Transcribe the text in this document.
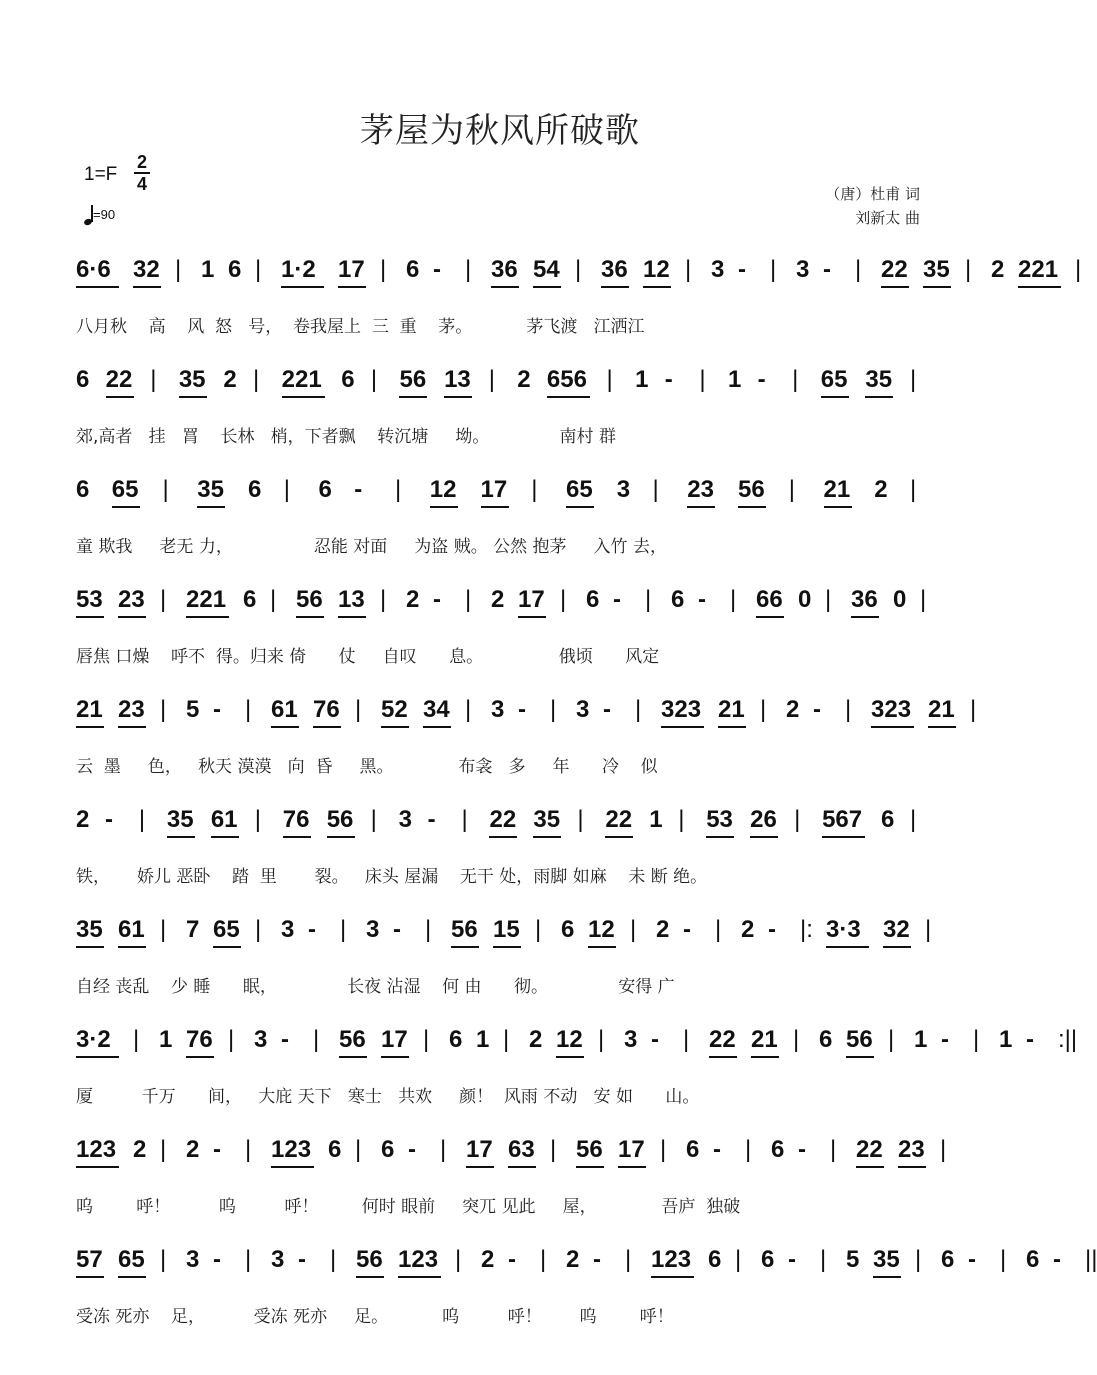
茅屋为秋风所破歌
1=F
2
4
=90
（唐）杜甫 词
刘新太 曲
6·6 32 | 1 6 | 1·2 17 | 6 - | 36 54 | 36 12 | 3 - | 3 - | 22 35 | 2 221 |
八月秋    高    风  怒   号，  卷我屋上  三  重    茅。          茅飞渡   江洒江
6 22 | 35 2 | 221 6 | 56 13 | 2 656 | 1 - | 1 - | 65 35 |
郊,高者   挂   罥    长林   梢，下者飘    转沉塘     坳。             南村 群
6 65 | 35 6 | 6 - | 12 17 | 65 3 | 23 56 | 21 2 |
童 欺我     老无 力，               忍能 对面     为盗 贼。 公然 抱茅     入竹 去，
53 23 | 221 6 | 56 13 | 2 - | 2 17 | 6 - | 6 - | 66 0 | 36 0 |
唇焦 口燥    呼不  得。归来 倚      仗     自叹      息。              俄顷      风定
21 23 | 5 - | 61 76 | 52 34 | 3 - | 3 - | 323 21 | 2 - | 323 21 |
云  墨     色，   秋天 漠漠   向  昏     黑。            布衾   多     年      冷    似
2 - | 35 61 | 76 56 | 3 - | 22 35 | 22 1 | 53 26 | 567 6 |
铁，     娇儿 恶卧    踏  里       裂。   床头 屋漏    无干 处，雨脚 如麻    未 断 绝。
35 61 | 7 65 | 3 - | 3 - | 56 15 | 6 12 | 2 - | 2 - |: 3·3 32 |
自经 丧乱    少 睡      眠，             长夜 沾湿    何 由      彻。             安得 广
3·2 | 1 76 | 3 - | 56 17 | 6 1 | 2 12 | 3 - | 22 21 | 6 56 | 1 - | 1 - :||
厦         千万      间，   大庇 天下   寒士   共欢     颜！  风雨 不动   安 如      山。
123 2 | 2 - | 123 6 | 6 - | 17 63 | 56 17 | 6 - | 6 - | 22 23 |
呜        呼！         呜         呼！        何时 眼前     突兀 见此     屋，            吾庐  独破
57 65 | 3 - | 3 - | 56 123 | 2 - | 2 - | 123 6 | 6 - | 5 35 | 6 - | 6 - ||
受冻 死亦    足，         受冻 死亦     足。          呜         呼！       呜        呼！
